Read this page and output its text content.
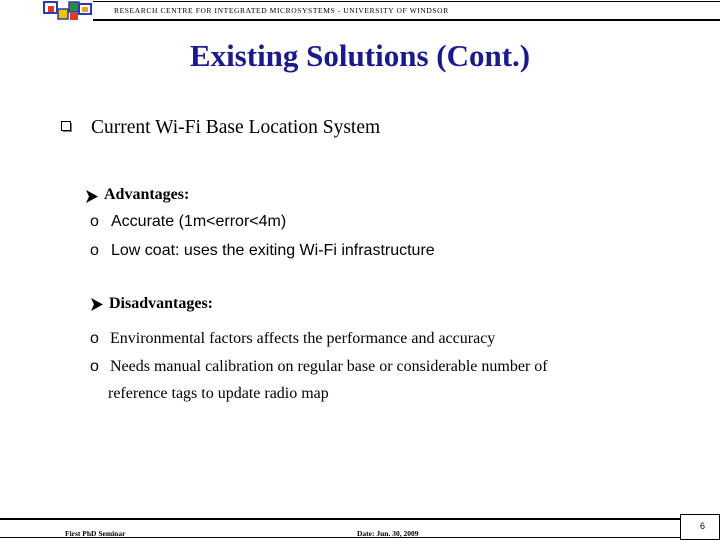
RESEARCH CENTRE FOR INTEGRATED MICROSYSTEMS - UNIVERSITY OF WINDSOR
Existing Solutions (Cont.)
Current Wi-Fi Base Location System
Advantages:
o Accurate (1m<error<4m)
o Low coat: uses the exiting Wi-Fi infrastructure
Disadvantages:
o Environmental factors affects the performance and accuracy
o Needs manual calibration on regular base or considerable number of
reference tags to update radio map
First PhD Seminar	Date: Jun. 30, 2009
6
